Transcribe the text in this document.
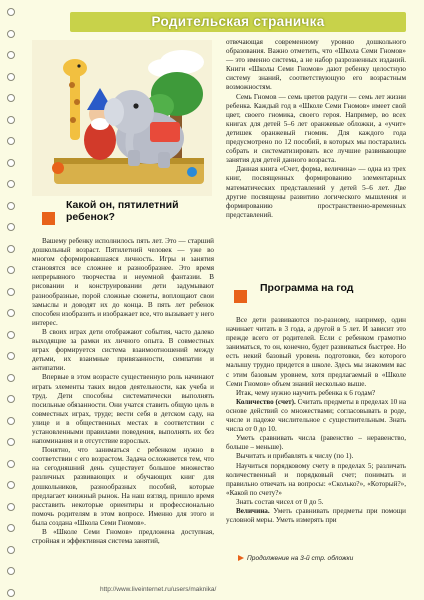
Родительская страничка
Какой он, пятилетний ребенок?

Вашему ребенку исполнилось пять лет. Это — старший дошкольный возраст. Пятилетний человек — уже во многом сформировавшаяся личность. Игры и занятия становятся все сложнее и разнообразнее. Это время непрерывного творчества и неуемной фантазии. В рисовании и конструировании дети задумывают разнообразные, порой сложные сюжеты, воплощают свои замыслы и доводят их до конца. В пять лет ребенок способен изобразить и изображает все, что вызывает у него интерес.

В своих играх дети отображают события, часто далеко выходящие за рамки их личного опыта. В совместных играх формируется система взаимоотношений между детьми, их взаимные привязанности, симпатии и антипатии.

Впервые в этом возрасте существенную роль начинают играть элементы таких видов деятельности, как учеба и труд. Дети способны систематически выполнять посильные обязанности. Они учатся ставить общую цель в совместных играх, труде; вести себя в детском саду, на улице и в общественных местах в соответствии с установленными правилами поведения, выполнять их без напоминания и в отсутствие взрослых.

Понятно, что заниматься с ребенком нужно в соответствии с его возрастом. Задача осложняется тем, что на сегодняшний день существует большое множество различных развивающих и обучающих книг для дошкольников, разнообразных пособий, которые предлагает книжный рынок. На наш взгляд, пришло время расставить некоторые ориентиры и профессионально помочь родителям в этом вопросе. Именно для этого и была создана «Школа Семи Гномов».

В «Школе Семи Гномов» предложена доступная, стройная и эффективная система занятий,

отвечающая современному уровню дошкольного образования. Важно отметить, что «Школа Семи Гномов» — это именно система, а не набор разрозненных изданий. Книги «Школы Семи Гномов» дают ребенку целостную систему знаний, соответствующую его возрастным возможностям.

Семь Гномов — семь цветов радуги — семь лет жизни ребенка. Каждый год в «Школе Семи Гномов» имеет свой цвет, своего гномика, своего героя. Например, во всех книгах для детей 5–6 лет оранжевые обложки, а «учит» детишек оранжевый гномик. Для каждого года предусмотрено по 12 пособий, в которых мы постарались собрать и систематизировать все лучшие развивающие занятия для детей данного возраста.

Данная книга «Счет, форма, величина» — одна из трех книг, посвященных формированию элементарных математических представлений у детей 5–6 лет. Две другие посвящены развитию логического мышления и формированию пространственно-временных представлений.

Программа на год

Все дети развиваются по-разному, например, один начинает читать в 3 года, а другой в 5 лет. И зависит это прежде всего от родителей. Если с ребенком грамотно заниматься, то он, конечно, будет развиваться быстрее. Но есть некий базовый уровень подготовки, без которого малышу трудно придется в школе. Здесь мы знакомим вас с этим базовым уровнем, хотя предлагаемый в «Школе Семи Гномов» объем знаний несколько выше.

Итак, чему нужно научить ребенка к 6 годам?

Количество (счет). Считать предметы в пределах 10 на основе действий со множествами; согласовывать в роде, числе и падеже числительное с существительным. Знать числа от 0 до 10.

Уметь сравнивать числа (равенство – неравенство, больше – меньше).

Вычитать и прибавлять к числу (по 1).

Научиться порядковому счету в пределах 5; различать количественный и порядковый счет; понимать и правильно отвечать на вопросы: «Сколько?», «Который?», «Какой по счету?»

Знать состав чисел от 0 до 5.

Величина. Уметь сравнивать предметы при помощи условной меры. Уметь измерять при

Продолжение на 3-й стр. обложки
http://www.liveinternet.ru/users/maknika/
